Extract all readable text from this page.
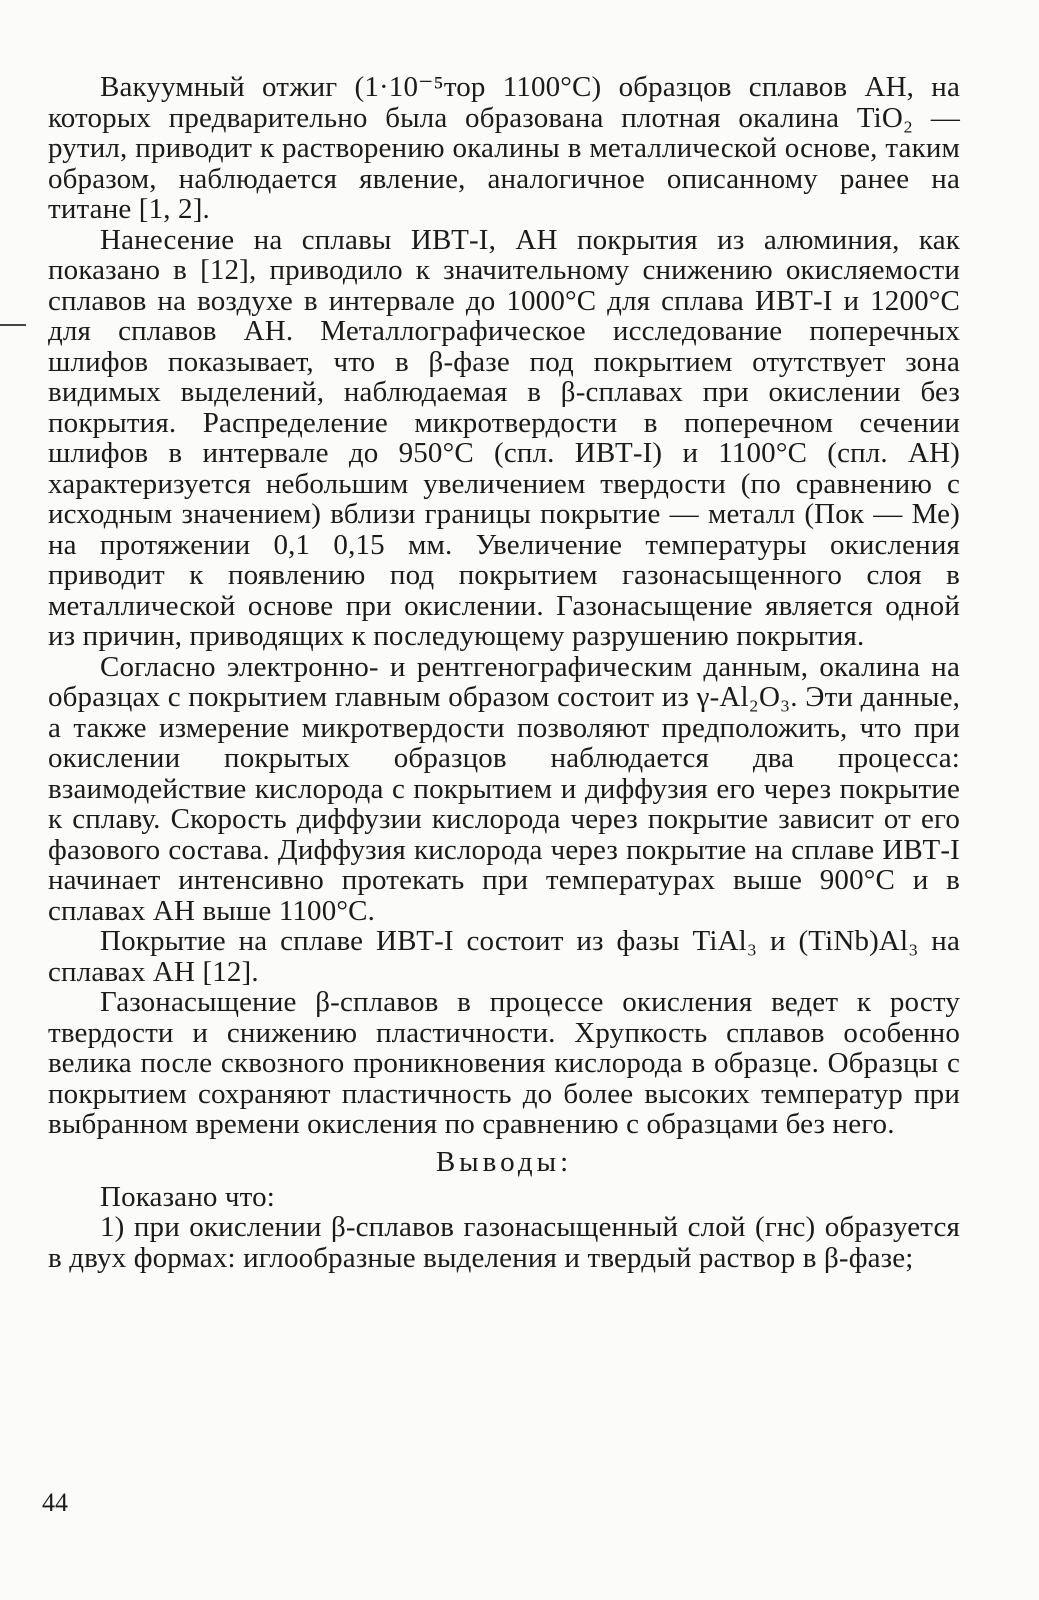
Вакуумный отжиг (1·10⁻⁵тор 1100°С) образцов сплавов АН, на которых предварительно была образована плотная окалина TiO₂ — рутил, приводит к растворению окалины в металлической основе, таким образом, наблюдается явление, аналогичное описанному ранее на титане [1, 2].

Нанесение на сплавы ИВТ-I, АН покрытия из алюминия, как показано в [12], приводило к значительному снижению окисляемости сплавов на воздухе в интервале до 1000°С для сплава ИВТ-I и 1200°С для сплавов АН. Металлографическое исследование поперечных шлифов показывает, что в β-фазе под покрытием отутствует зона видимых выделений, наблюдаемая в β-сплавах при окислении без покрытия. Распределение микротвердости в поперечном сечении шлифов в интервале до 950°С (спл. ИВТ-I) и 1100°С (спл. АН) характеризуется небольшим увеличением твердости (по сравнению с исходным значением) вблизи границы покрытие — металл (Пок — Ме) на протяжении 0,1 0,15 мм. Увеличение температуры окисления приводит к появлению под покрытием газонасыщенного слоя в металлической основе при окислении. Газонасыщение является одной из причин, приводящих к последующему разрушению покрытия.

Согласно электронно- и рентгенографическим данным, окалина на образцах с покрытием главным образом состоит из γ-Al₂O₃. Эти данные, а также измерение микротвердости позволяют предположить, что при окислении покрытых образцов наблюдается два процесса: взаимодействие кислорода с покрытием и диффузия его через покрытие к сплаву. Скорость диффузии кислорода через покрытие зависит от его фазового состава. Диффузия кислорода через покрытие на сплаве ИВТ-I начинает интенсивно протекать при температурах выше 900°С и в сплавах АН выше 1100°С.

Покрытие на сплаве ИВТ-I состоит из фазы TiAl₃ и (TiNb)Al₃ на сплавах АН [12].

Газонасыщение β-сплавов в процессе окисления ведет к росту твердости и снижению пластичности. Хрупкость сплавов особенно велика после сквозного проникновения кислорода в образце. Образцы с покрытием сохраняют пластичность до более высоких температур при выбранном времени окисления по сравнению с образцами без него.

Выводы:

Показано что:

1) при окислении β-сплавов газонасыщенный слой (гнс) образуется в двух формах: иглообразные выделения и твердый раствор в β-фазе;

44
